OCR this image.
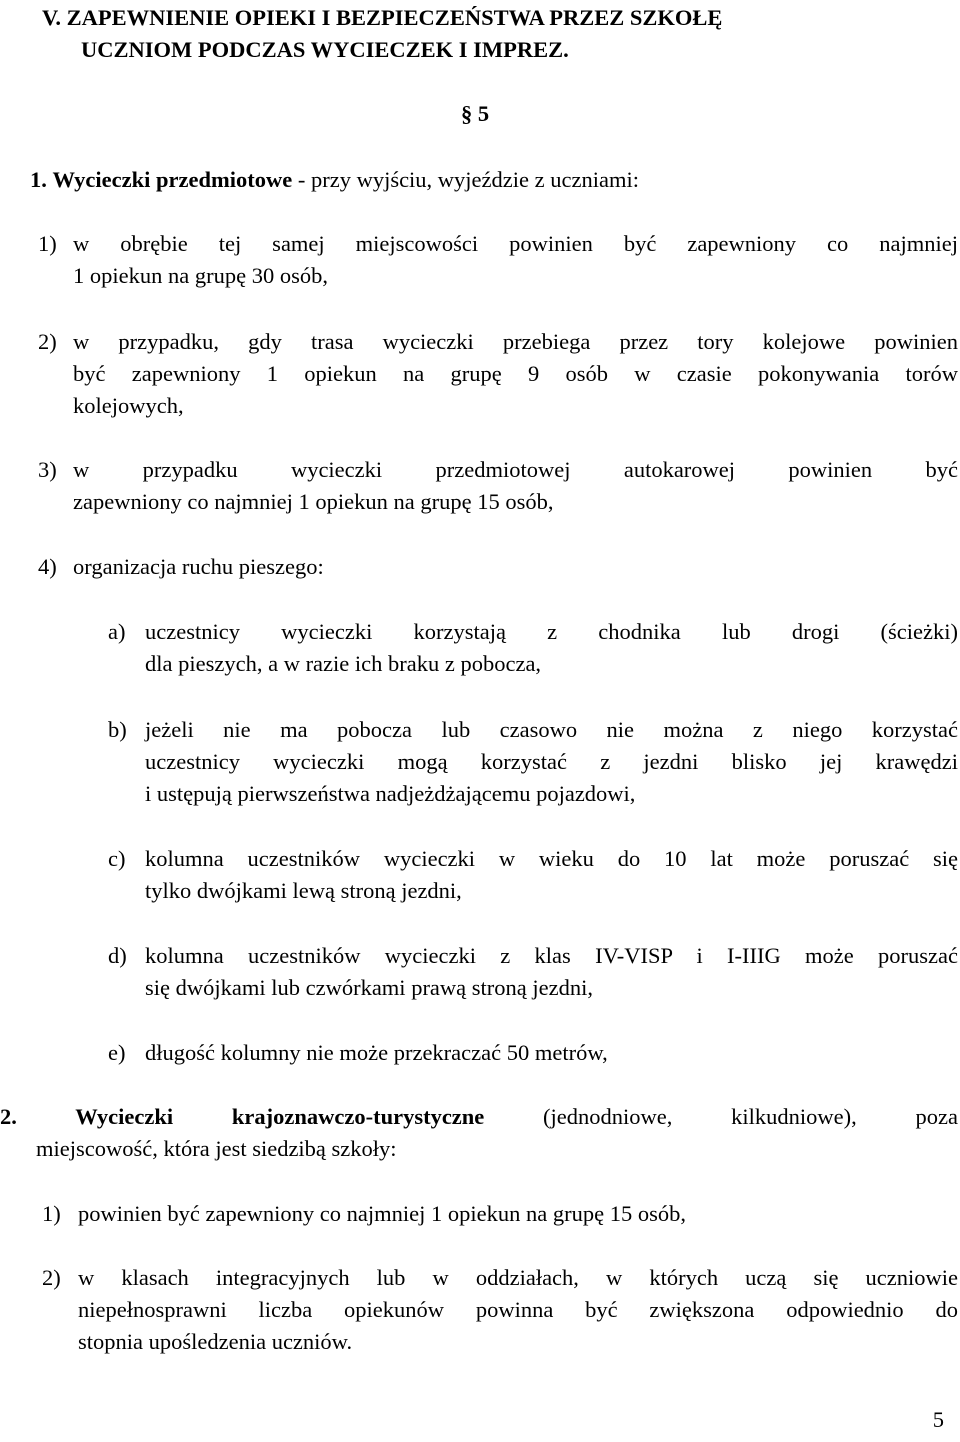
V. ZAPEWNIENIE OPIEKI I BEZPIECZEŃSTWA PRZEZ SZKOŁĘ
UCZNIOM PODCZAS WYCIECZEK I IMPREZ.
§ 5
1. Wycieczki przedmiotowe - przy wyjściu, wyjeździe z uczniami:
1) w obrębie tej samej miejscowości powinien być zapewniony co najmniej
1 opiekun na grupę 30 osób,
2) w przypadku, gdy trasa wycieczki przebiega przez tory kolejowe powinien
być zapewniony 1 opiekun na grupę 9 osób w czasie pokonywania torów
kolejowych,
3) w przypadku wycieczki przedmiotowej autokarowej powinien być
zapewniony co najmniej 1 opiekun na grupę 15 osób,
4) organizacja ruchu pieszego:
a) uczestnicy wycieczki korzystają z chodnika lub drogi (ścieżki)
dla pieszych, a w razie ich braku z pobocza,
b) jeżeli nie ma pobocza lub czasowo nie można z niego korzystać
uczestnicy wycieczki mogą korzystać z jezdni blisko jej krawędzi
i ustępują pierwszeństwa nadjeżdżającemu pojazdowi,
c) kolumna uczestników wycieczki w wieku do 10 lat może poruszać się
tylko dwójkami lewą stroną jezdni,
d) kolumna uczestników wycieczki z klas IV-VISP i I-IIIG może poruszać
się dwójkami lub czwórkami prawą stroną jezdni,
e) długość kolumny nie może przekraczać 50 metrów,
2.	Wycieczki krajoznawczo-turystyczne (jednodniowe, kilkudniowe), poza
miejscowość, która jest siedzibą szkoły:
1) powinien być zapewniony co najmniej 1 opiekun na grupę 15 osób,
2) w klasach integracyjnych lub w oddziałach, w których uczą się uczniowie
niepełnosprawni liczba opiekunów powinna być zwiększona odpowiednio do
stopnia upośledzenia uczniów.
5
